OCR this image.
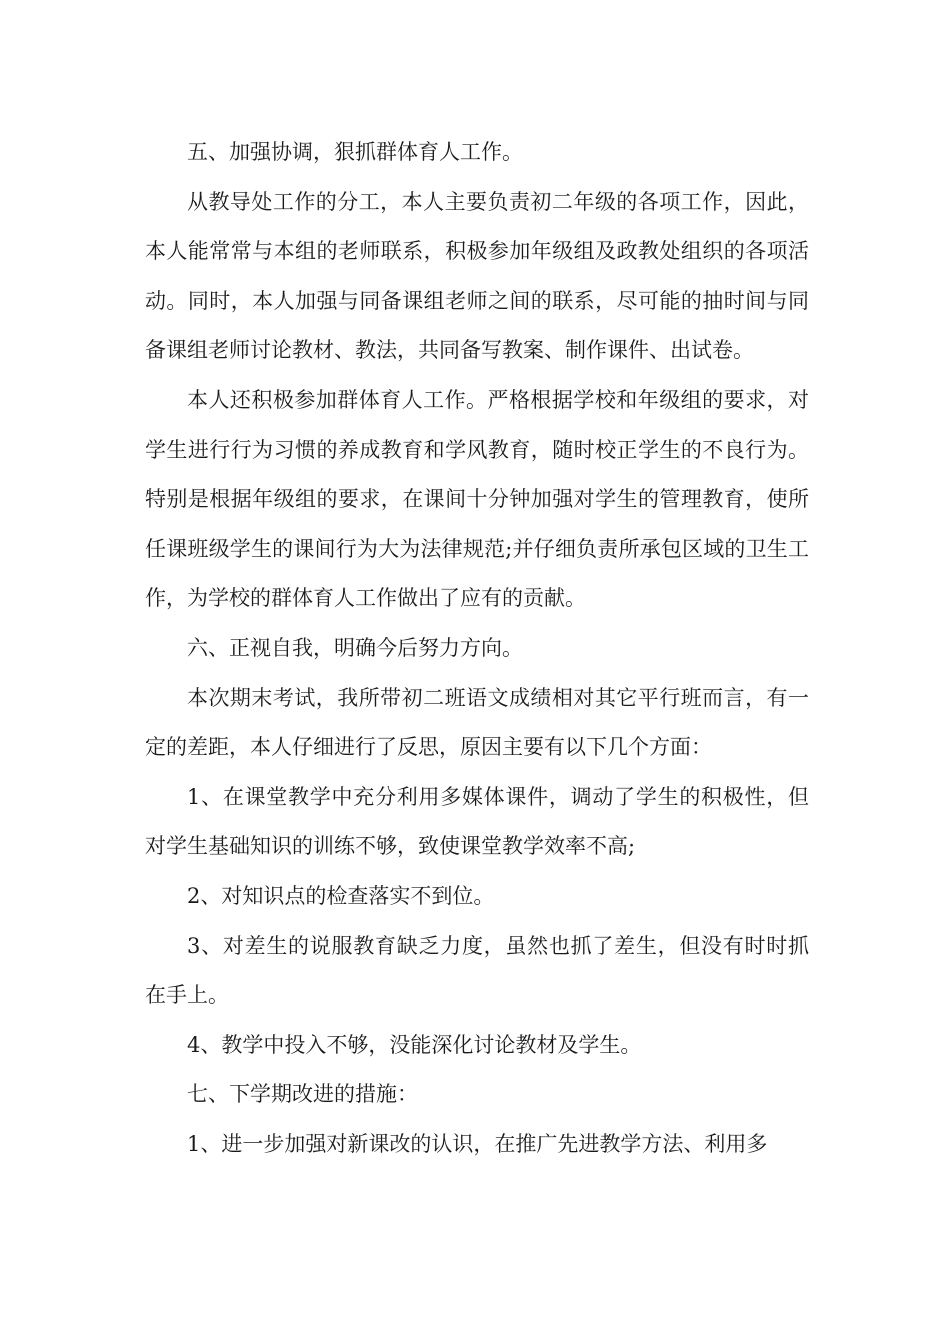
五、加强协调，狠抓群体育人工作。

从教导处工作的分工，本人主要负责初二年级的各项工作，因此，本人能常常与本组的老师联系，积极参加年级组及政教处组织的各项活动。同时，本人加强与同备课组老师之间的联系，尽可能的抽时间与同备课组老师讨论教材、教法，共同备写教案、制作课件、出试卷。

本人还积极参加群体育人工作。严格根据学校和年级组的要求，对学生进行行为习惯的养成教育和学风教育，随时校正学生的不良行为。特别是根据年级组的要求，在课间十分钟加强对学生的管理教育，使所任课班级学生的课间行为大为法律规范;并仔细负责所承包区域的卫生工作，为学校的群体育人工作做出了应有的贡献。

六、正视自我，明确今后努力方向。

本次期末考试，我所带初二班语文成绩相对其它平行班而言，有一定的差距，本人仔细进行了反思，原因主要有以下几个方面：

1、在课堂教学中充分利用多媒体课件，调动了学生的积极性，但对学生基础知识的训练不够，致使课堂教学效率不高;

2、对知识点的检查落实不到位。

3、对差生的说服教育缺乏力度，虽然也抓了差生，但没有时时抓在手上。

4、教学中投入不够，没能深化讨论教材及学生。

七、下学期改进的措施：

1、进一步加强对新课改的认识，在推广先进教学方法、利用多
